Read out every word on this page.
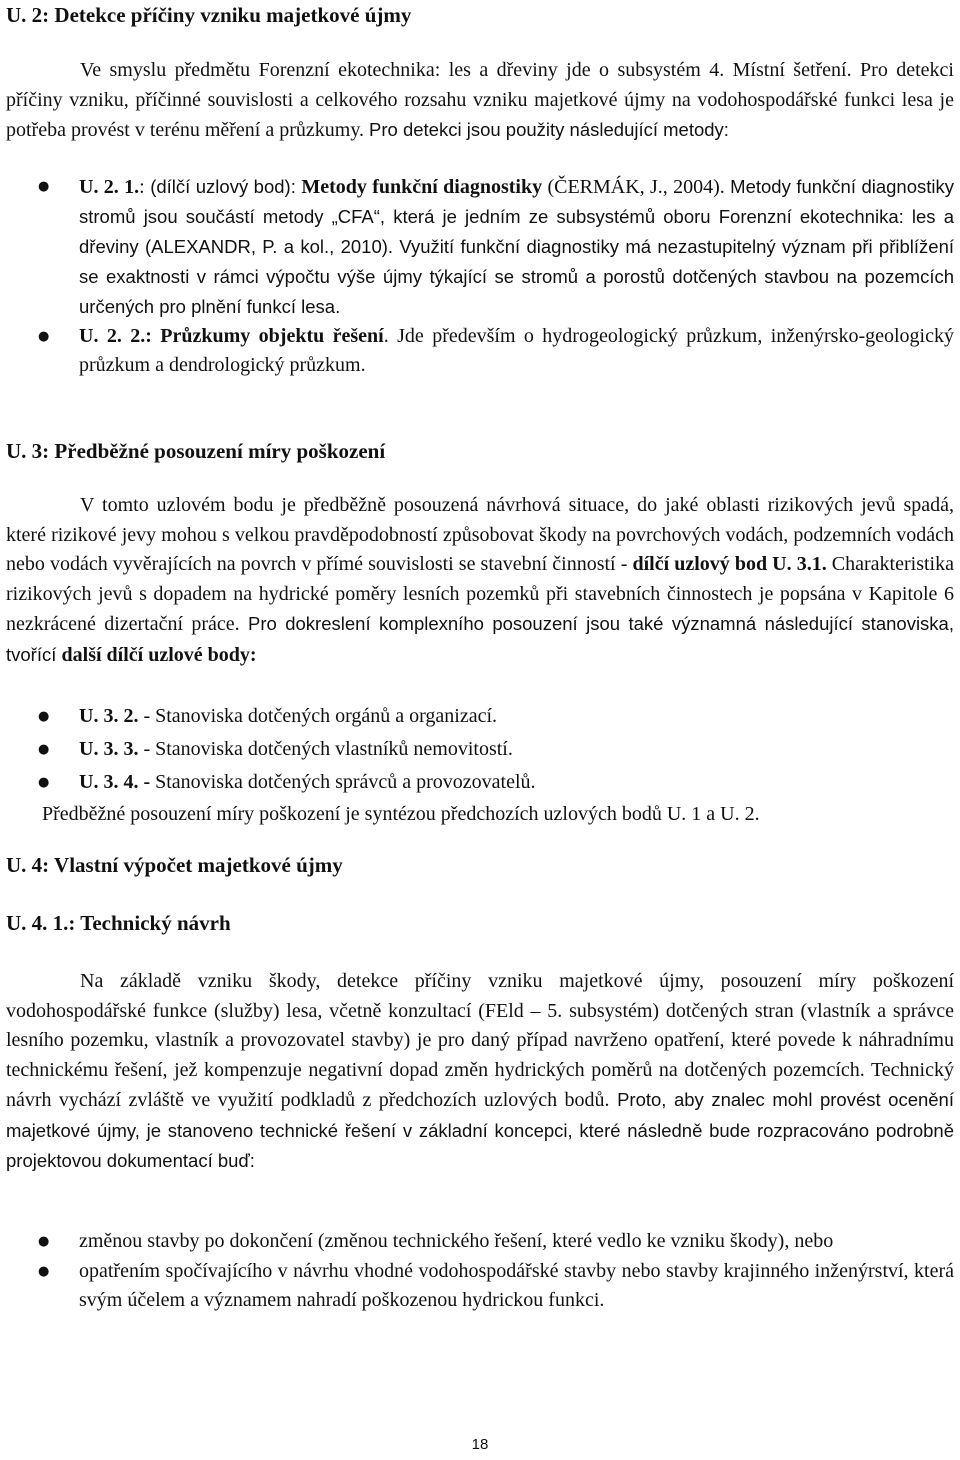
U. 2: Detekce příčiny vzniku majetkové újmy
Ve smyslu předmětu Forenzní ekotechnika: les a dřeviny jde o subsystém 4. Místní šetření. Pro detekci příčiny vzniku, příčinné souvislosti a celkového rozsahu vzniku majetkové újmy na vodohospodářské funkci lesa je potřeba provést v terénu měření a průzkumy. Pro detekci jsou použity následující metody:
● U. 2. 1.: (dílčí uzlový bod): Metody funkční diagnostiky (ČERMÁK, J., 2004). Metody funkční diagnostiky stromů jsou součástí metody „CFA“, která je jedním ze subsystémů oboru Forenzní ekotechnika: les a dřeviny (ALEXANDR, P. a kol., 2010). Využití funkční diagnostiky má nezastupitelný význam při přiblížení se exaktnosti v rámci výpočtu výše újmy týkající se stromů a porostů dotčených stavbou na pozemcích určených pro plnění funkcí lesa.
● U. 2. 2.: Průzkumy objektu řešení. Jde především o hydrogeologický průzkum, inženýrsko-geologický průzkum a dendrologický průzkum.
U. 3: Předběžné posouzení míry poškození
V tomto uzlovém bodu je předběžně posouzená návrhová situace, do jaké oblasti rizikových jevů spadá, které rizikové jevy mohou s velkou pravděpodobností způsobovat škody na povrchových vodách, podzemních vodách nebo vodách vyvěrajících na povrch v přímé souvislosti se stavební činností - dílčí uzlový bod U. 3.1. Charakteristika rizikových jevů s dopadem na hydrické poměry lesních pozemků při stavebních činnostech je popsána v Kapitole 6 nezkrácené dizertační práce. Pro dokreslení komplexního posouzení jsou také významná následující stanoviska, tvořící další dílčí uzlové body:
● U. 3. 2. - Stanoviska dotčených orgánů a organizací.
● U. 3. 3. - Stanoviska dotčených vlastníků nemovitostí.
● U. 3. 4. - Stanoviska dotčených správců a provozovatelů.
Předběžné posouzení míry poškození je syntézou předchozích uzlových bodů U. 1 a U. 2.
U. 4: Vlastní výpočet majetkové újmy
U. 4. 1.: Technický návrh
Na základě vzniku škody, detekce příčiny vzniku majetkové újmy, posouzení míry poškození vodohospodářské funkce (služby) lesa, včetně konzultací (FEld – 5. subsystém) dotčených stran (vlastník a správce lesního pozemku, vlastník a provozovatel stavby) je pro daný případ navrženo opatření, které povede k náhradnímu technickému řešení, jež kompenzuje negativní dopad změn hydrických poměrů na dotčených pozemcích. Technický návrh vychází zvláště ve využití podkladů z předchozích uzlových bodů. Proto, aby znalec mohl provést ocenění majetkové újmy, je stanoveno technické řešení v základní koncepci, které následně bude rozpracováno podrobně projektovou dokumentací buď:
● změnou stavby po dokončení (změnou technického řešení, které vedlo ke vzniku škody), nebo
● opatřením spočívajícího v návrhu vhodné vodohospodářské stavby nebo stavby krajinného inženýrství, která svým účelem a významem nahradí poškozenou hydrickou funkci.
18
